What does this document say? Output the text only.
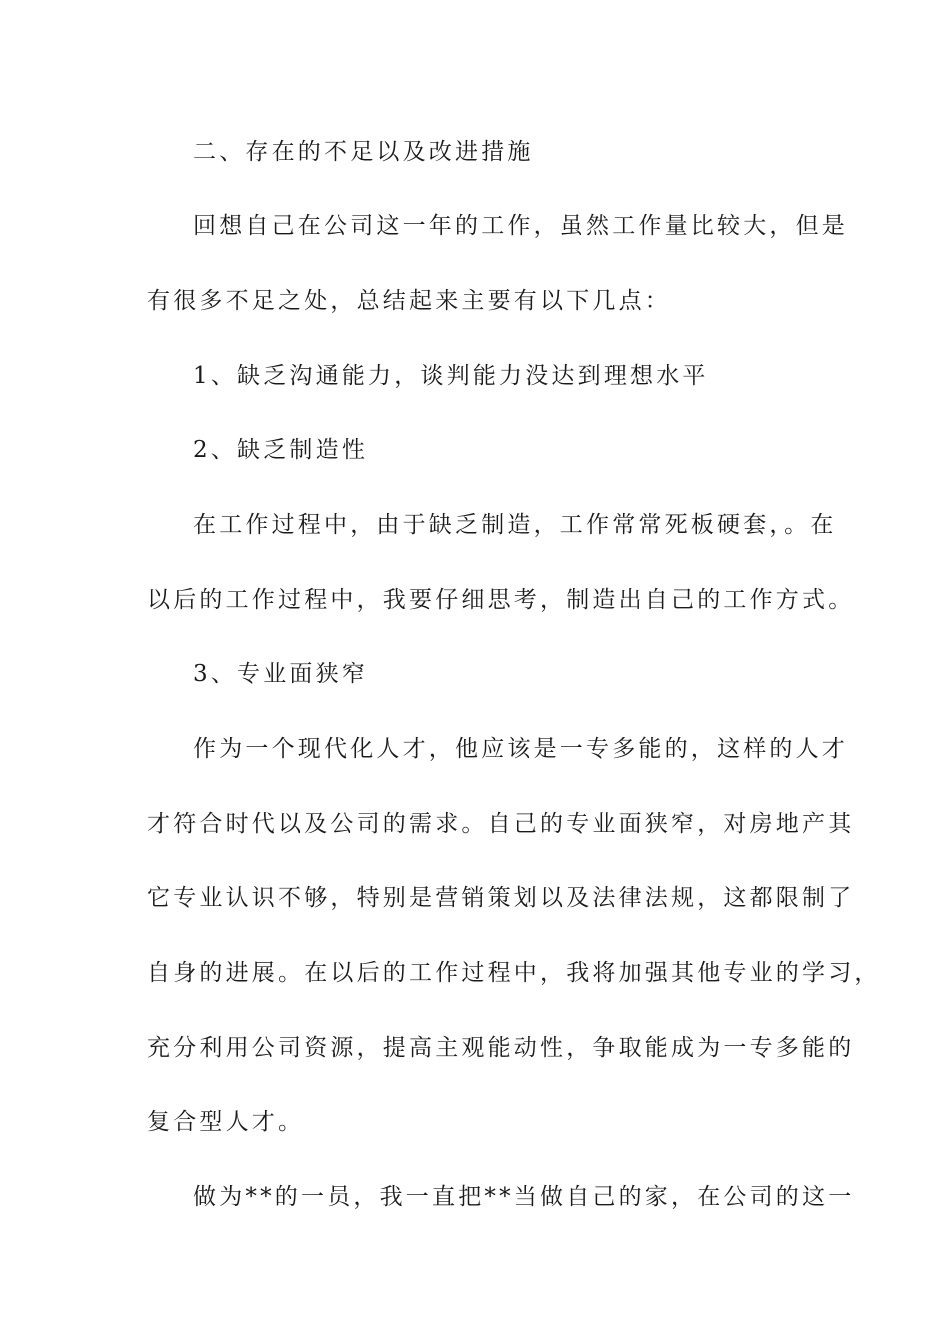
二、存在的不足以及改进措施
回想自己在公司这一年的工作，虽然工作量比较大，但是
有很多不足之处，总结起来主要有以下几点：
1、缺乏沟通能力，谈判能力没达到理想水平
2、缺乏制造性
在工作过程中，由于缺乏制造，工作常常死板硬套，。在
以后的工作过程中，我要仔细思考，制造出自己的工作方式。
3、专业面狭窄
作为一个现代化人才，他应该是一专多能的，这样的人才
才符合时代以及公司的需求。自己的专业面狭窄，对房地产其
它专业认识不够，特别是营销策划以及法律法规，这都限制了
自身的进展。在以后的工作过程中，我将加强其他专业的学习，
充分利用公司资源，提高主观能动性，争取能成为一专多能的
复合型人才。
做为**的一员，我一直把**当做自己的家，在公司的这一
